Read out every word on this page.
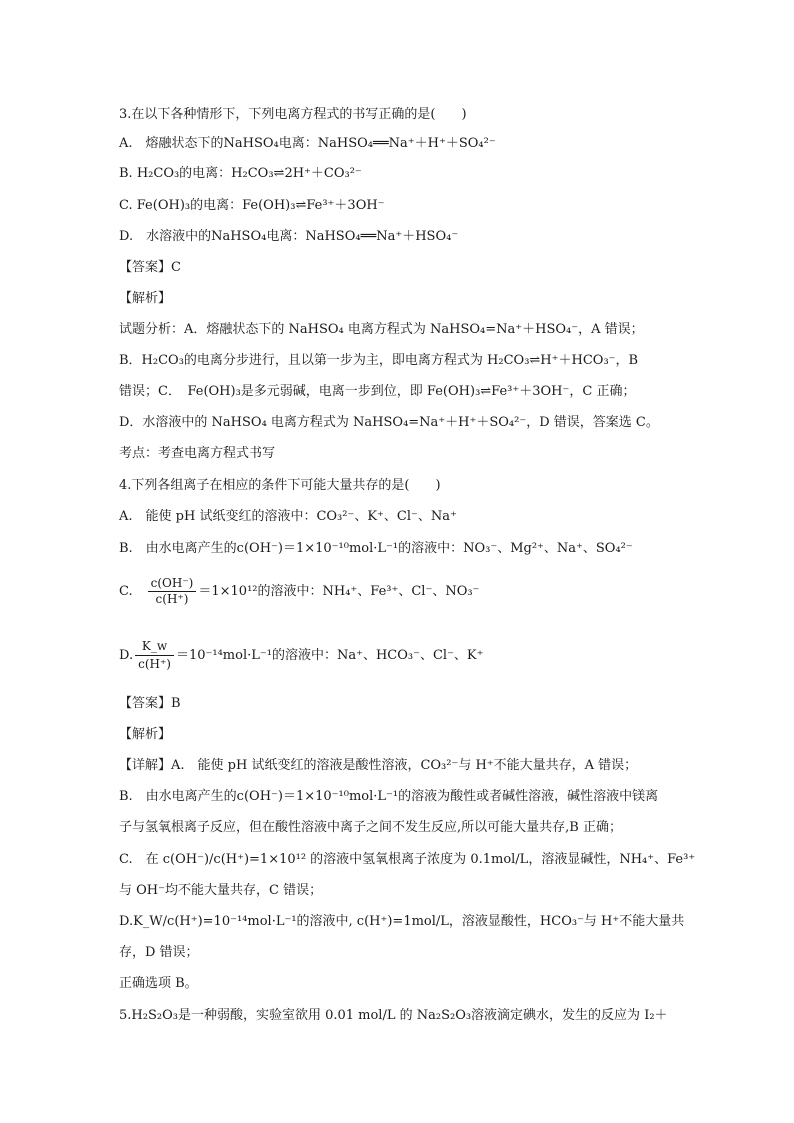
3.在以下各种情形下，下列电离方程式的书写正确的是(　　)
A.　熔融状态下的NaHSO₄电离：NaHSO₄══Na⁺＋H⁺＋SO₄²⁻
B. H₂CO₃的电离：H₂CO₃⇌2H⁺＋CO₃²⁻
C. Fe(OH)₃的电离：Fe(OH)₃⇌Fe³⁺＋3OH⁻
D.　水溶液中的NaHSO₄电离：NaHSO₄══Na⁺＋HSO₄⁻
【答案】C
【解析】
试题分析：A．熔融状态下的 NaHSO₄ 电离方程式为 NaHSO₄=Na⁺＋HSO₄⁻，A 错误；
B．H₂CO₃的电离分步进行，且以第一步为主，即电离方程式为 H₂CO₃⇌H⁺＋HCO₃⁻，B
错误；C．　Fe(OH)₃是多元弱碱，电离一步到位，即 Fe(OH)₃⇌Fe³⁺＋3OH⁻，C 正确；
D．水溶液中的 NaHSO₄ 电离方程式为 NaHSO₄=Na⁺＋H⁺＋SO₄²⁻，D 错误，答案选 C。
考点：考查电离方程式书写
4.下列各组离子在相应的条件下可能大量共存的是(　　)
A.　能使 pH 试纸变红的溶液中：CO₃²⁻、K⁺、Cl⁻、Na⁺
B.　由水电离产生的c(OH⁻)＝1×10⁻¹⁰mol·L⁻¹的溶液中：NO₃⁻、Mg²⁺、Na⁺、SO₄²⁻
C.　 $\frac{c(OH^-)}{c(H^+)} =1\times 10^{12}$的溶液中：NH₄⁺、Fe³⁺、Cl⁻、NO₃⁻
D. $\frac{K\_w}{c(H^+)} =10^{-14}mol\cdot L^{-1}$的溶液中：Na⁺、HCO₃⁻、Cl⁻、K⁺
【答案】B
【解析】
【详解】A.　能使 pH 试纸变红的溶液是酸性溶液，CO₃²⁻与 H⁺不能大量共存，A 错误；
B.　由水电离产生的c(OH⁻)＝1×10⁻¹⁰mol·L⁻¹的溶液为酸性或者碱性溶液，碱性溶液中镁离
子与氢氧根离子反应，但在酸性溶液中离子之间不发生反应,所以可能大量共存,B 正确；
C.　在 c(OH⁻)/c(H⁺)=1×10¹² 的溶液中氢氧根离子浓度为 0.1mol/L，溶液显碱性，NH₄⁺、Fe³⁺
与 OH⁻均不能大量共存，C 错误；
D.K_W/c(H⁺)=10⁻¹⁴mol·L⁻¹的溶液中, c(H⁺)=1mol/L，溶液显酸性，HCO₃⁻与 H⁺不能大量共
存，D 错误；
正确选项 B。
5.H₂S₂O₃是一种弱酸，实验室欲用 0.01 mol/L 的 Na₂S₂O₃溶液滴定碘水，发生的反应为 I₂＋
